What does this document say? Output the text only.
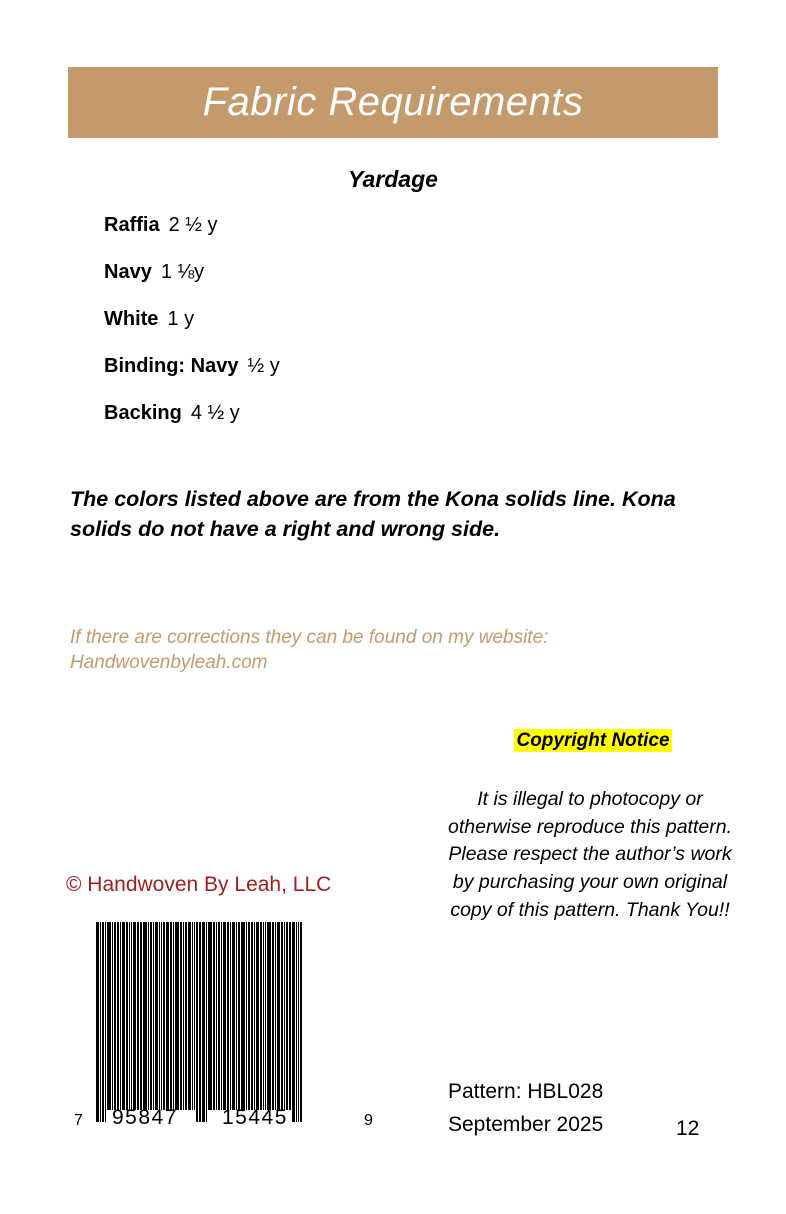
Fabric Requirements
Yardage
Raffia 2 ½ y
Navy 1 ⅛y
White 1 y
Binding: Navy ½ y
Backing 4 ½ y
The colors listed above are from the Kona solids line. Kona solids do not have a right and wrong side.
If there are corrections they can be found on my website: Handwovenbyleah.com
Copyright Notice
It is illegal to photocopy or otherwise reproduce this pattern. Please respect the author’s work by purchasing your own original copy of this pattern. Thank You!!
© Handwoven By Leah, LLC
7 95847 15445	9
Pattern: HBL028
September 2025	12
